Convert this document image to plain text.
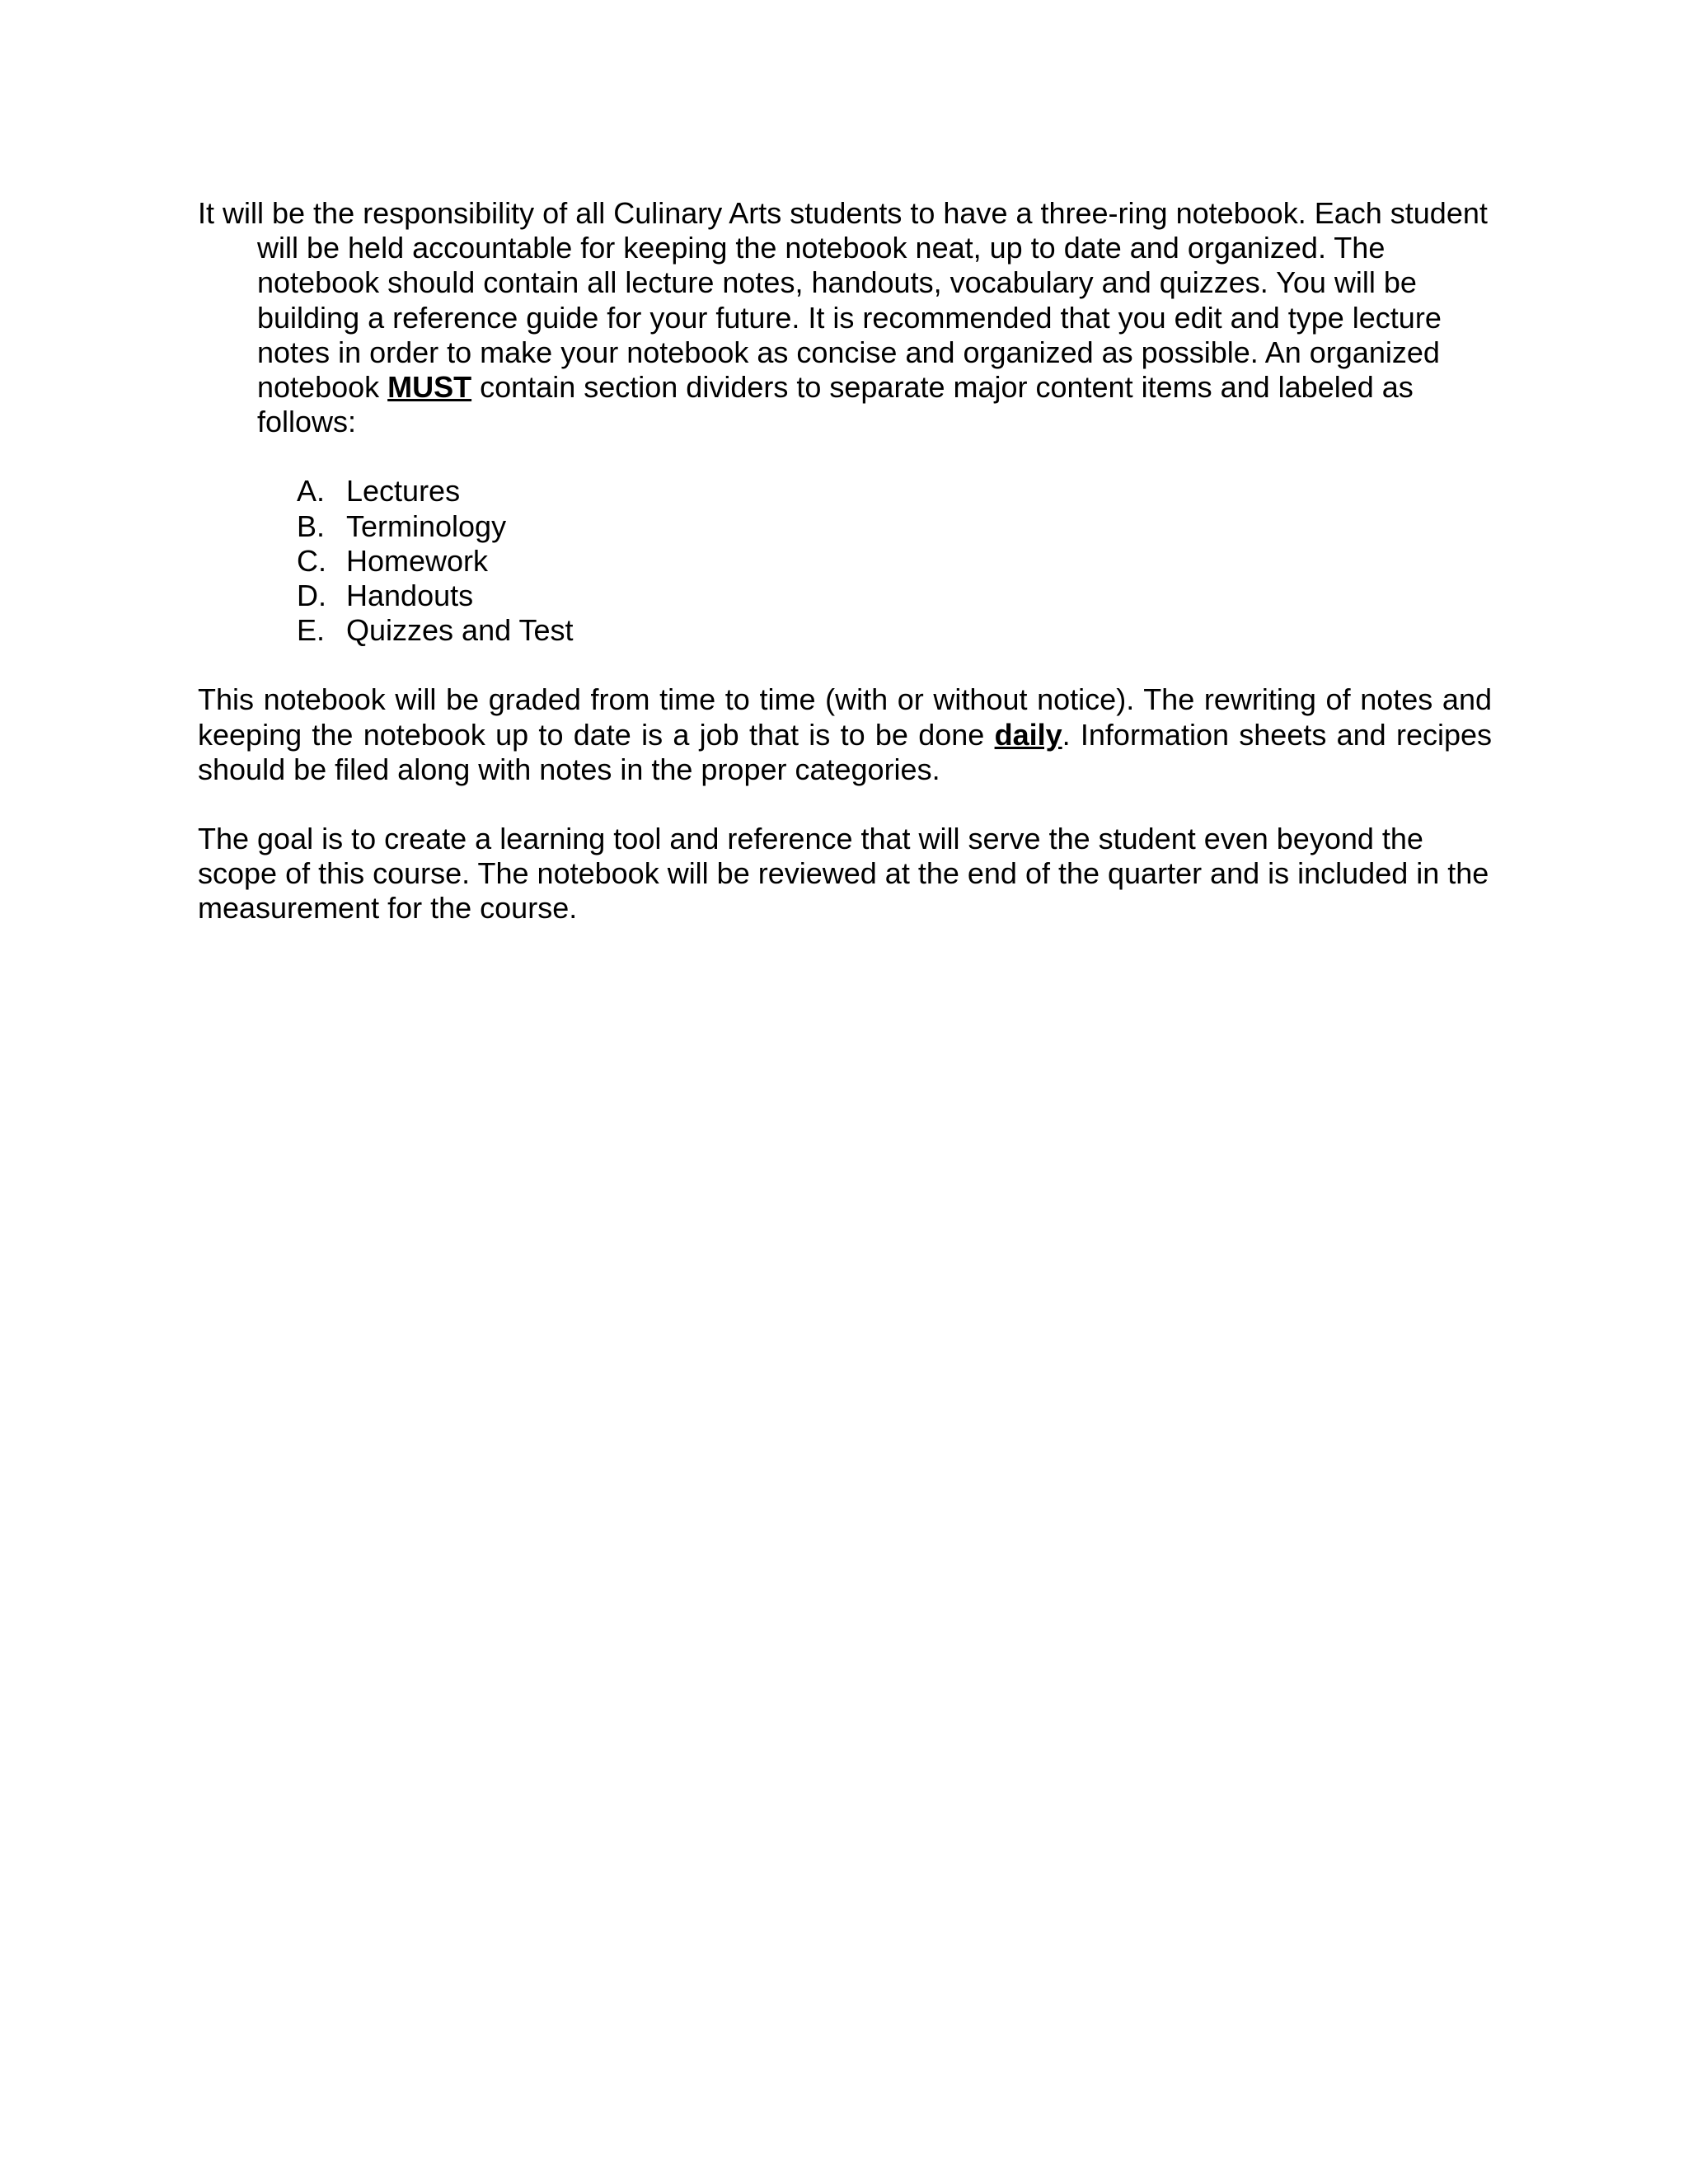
It will be the responsibility of all Culinary Arts students to have a three-ring notebook. Each student will be held accountable for keeping the notebook neat, up to date and organized. The notebook should contain all lecture notes, handouts, vocabulary and quizzes. You will be building a reference guide for your future. It is recommended that you edit and type lecture notes in order to make your notebook as concise and organized as possible. An organized notebook MUST contain section dividers to separate major content items and labeled as follows:

A. Lectures
B. Terminology
C. Homework
D. Handouts
E. Quizzes and Test

This notebook will be graded from time to time (with or without notice). The rewriting of notes and keeping the notebook up to date is a job that is to be done daily. Information sheets and recipes should be filed along with notes in the proper categories.

The goal is to create a learning tool and reference that will serve the student even beyond the scope of this course. The notebook will be reviewed at the end of the quarter and is included in the measurement for the course.
